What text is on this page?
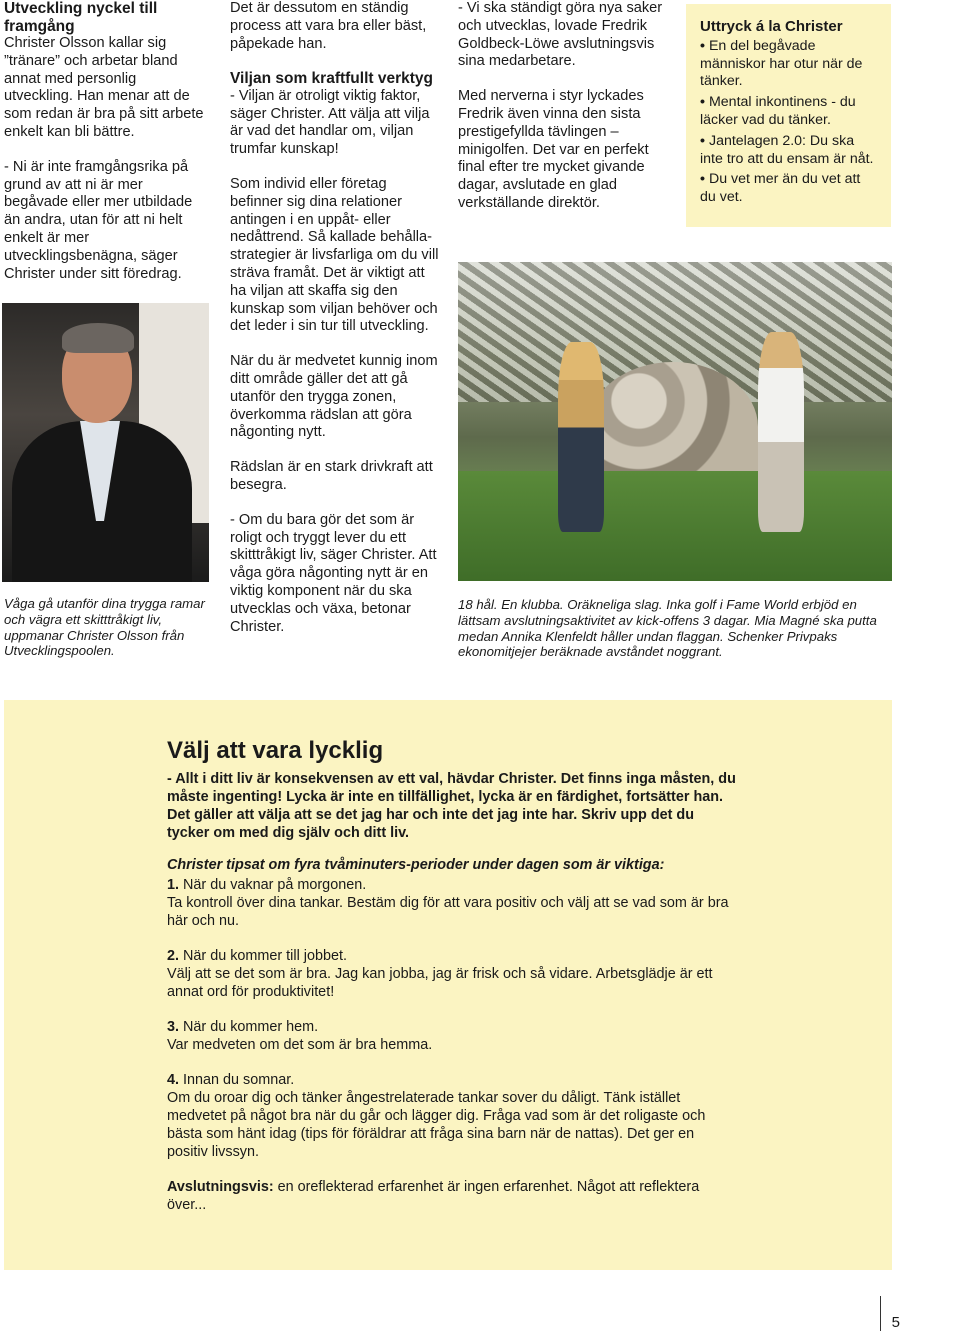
Utveckling nyckel till framgång

Christer Olsson kallar sig ”tränare” och arbetar bland annat med personlig utveckling. Han menar att de som redan är bra på sitt arbete enkelt kan bli bättre.

- Ni är inte framgångsrika på grund av att ni är mer begåvade eller mer utbildade än andra, utan för att ni helt enkelt är mer utvecklingsbenägna, säger Christer under sitt föredrag.

Våga gå utanför dina trygga ramar och vägra ett skitttråkigt liv, uppmanar Christer Olsson från Utvecklingspoolen.

Det är dessutom en ständig process att vara bra eller bäst, påpekade han.

Viljan som kraftfullt verktyg

- Viljan är otroligt viktig faktor, säger Christer. Att välja att vilja är vad det handlar om, viljan trumfar kunskap!

Som individ eller företag befinner sig dina relationer antingen i en uppåt- eller nedåttrend. Så kallade behålla-strategier är livsfarliga om du vill sträva framåt. Det är viktigt att ha viljan att skaffa sig den kunskap som viljan behöver och det leder i sin tur till utveckling.

När du är medvetet kunnig inom ditt område gäller det att gå utanför den trygga zonen, överkomma rädslan att göra någonting nytt.

Rädslan är en stark drivkraft att besegra.

- Om du bara gör det som är roligt och tryggt lever du ett skitttråkigt liv, säger Christer. Att våga göra någonting nytt är en viktig komponent när du ska utvecklas och växa, betonar Christer.

- Vi ska ständigt göra nya saker och utvecklas, lovade Fredrik Goldbeck-Löwe avslutningsvis sina medarbetare.

Med nerverna i styr lyckades Fredrik även vinna den sista prestigefyllda tävlingen – minigolfen. Det var en perfekt final efter tre mycket givande dagar, avslutade en glad verkställande direktör.

18 hål. En klubba. Oräkneliga slag. Inka golf i Fame World erbjöd en lättsam avslutningsaktivitet av kick-offens 3 dagar. Mia Magné ska putta medan Annika Klenfeldt håller undan flaggan. Schenker Privpaks ekonomitjejer beräknade avståndet noggrant.
Uttryck á la Christer
• En del begåvade människor har otur när de tänker.
• Mental inkontinens - du läcker vad du tänker.
• Jantelagen 2.0: Du ska inte tro att du ensam är nåt.
• Du vet mer än du vet att du vet.
Välj att vara lycklig

- Allt i ditt liv är konsekvensen av ett val, hävdar Christer. Det finns inga måsten, du måste ingenting! Lycka är inte en tillfällighet, lycka är en färdighet, fortsätter han. Det gäller att välja att se det jag har och inte det jag inte har. Skriv upp det du tycker om med dig själv och ditt liv.

Christer tipsat om fyra tvåminuters-perioder under dagen som är viktiga:

1. När du vaknar på morgonen.
Ta kontroll över dina tankar. Bestäm dig för att vara positiv och välj att se vad som är bra här och nu.

2. När du kommer till jobbet.
Välj att se det som är bra. Jag kan jobba, jag är frisk och så vidare. Arbetsglädje är ett annat ord för produktivitet!

3. När du kommer hem.
Var medveten om det som är bra hemma.

4. Innan du somnar.
Om du oroar dig och tänker ångestrelaterade tankar sover du dåligt. Tänk istället medvetet på något bra när du går och lägger dig. Fråga vad som är det roligaste och bästa som hänt idag (tips för föräldrar att fråga sina barn när de nattas). Det ger en positiv livssyn.

Avslutningsvis: en oreflekterad erfarenhet är ingen erfarenhet. Något att reflektera över...

5
